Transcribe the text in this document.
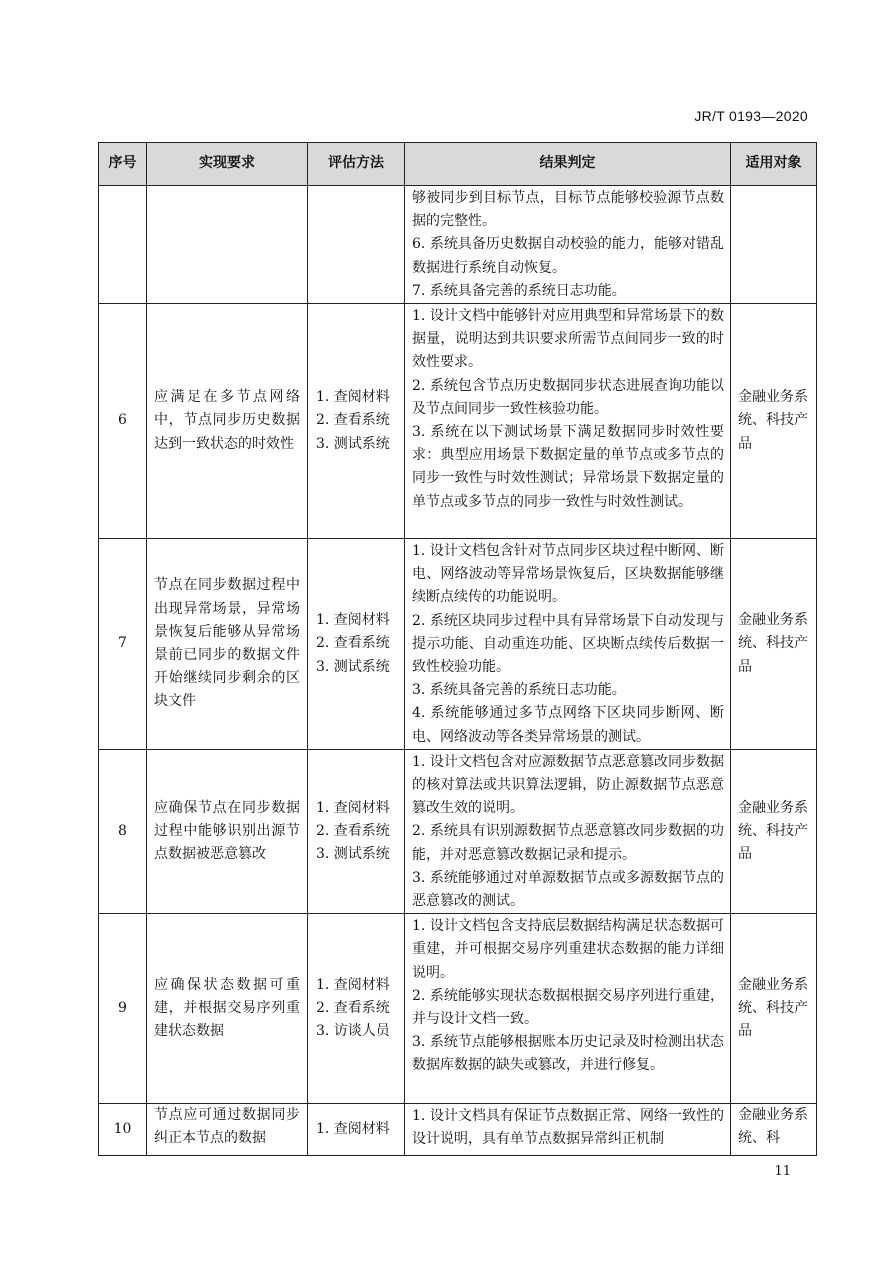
JR/T 0193—2020
序号	实现要求	评估方法	结果判定	适用对象

			够被同步到目标节点，目标节点能够校验源节点数据的完整性。
6. 系统具备历史数据自动校验的能力，能够对错乱数据进行系统自动恢复。
7. 系统具备完善的系统日志功能。	

6	应满足在多节点网络中，节点同步历史数据达到一致状态的时效性	1. 查阅材料
2. 查看系统
3. 测试系统	1. 设计文档中能够针对应用典型和异常场景下的数据量，说明达到共识要求所需节点间同步一致的时效性要求。
2. 系统包含节点历史数据同步状态进展查询功能以及节点间同步一致性核验功能。
3. 系统在以下测试场景下满足数据同步时效性要求：典型应用场景下数据定量的单节点或多节点的同步一致性与时效性测试；异常场景下数据定量的单节点或多节点的同步一致性与时效性测试。	金融业务系统、科技产品
7	节点在同步数据过程中出现异常场景，异常场景恢复后能够从异常场景前已同步的数据文件开始继续同步剩余的区块文件	1. 查阅材料
2. 查看系统
3. 测试系统	1. 设计文档包含针对节点同步区块过程中断网、断电、网络波动等异常场景恢复后，区块数据能够继续断点续传的功能说明。
2. 系统区块同步过程中具有异常场景下自动发现与提示功能、自动重连功能、区块断点续传后数据一致性校验功能。
3. 系统具备完善的系统日志功能。
4. 系统能够通过多节点网络下区块同步断网、断电、网络波动等各类异常场景的测试。	金融业务系统、科技产品
8	应确保节点在同步数据过程中能够识别出源节点数据被恶意篡改	1. 查阅材料
2. 查看系统
3. 测试系统	1. 设计文档包含对应源数据节点恶意篡改同步数据的核对算法或共识算法逻辑，防止源数据节点恶意篡改生效的说明。
2. 系统具有识别源数据节点恶意篡改同步数据的功能，并对恶意篡改数据记录和提示。
3. 系统能够通过对单源数据节点或多源数据节点的恶意篡改的测试。	金融业务系统、科技产品
9	应确保状态数据可重建，并根据交易序列重建状态数据	1. 查阅材料
2. 查看系统
3. 访谈人员	1. 设计文档包含支持底层数据结构满足状态数据可重建，并可根据交易序列重建状态数据的能力详细说明。
2. 系统能够实现状态数据根据交易序列进行重建，并与设计文档一致。
3. 系统节点能够根据账本历史记录及时检测出状态数据库数据的缺失或篡改，并进行修复。	金融业务系统、科技产品
10	节点应可通过数据同步纠正本节点的数据	1. 查阅材料	1. 设计文档具有保证节点数据正常、网络一致性的设计说明，具有单节点数据异常纠正机制	金融业务系统、科
11
